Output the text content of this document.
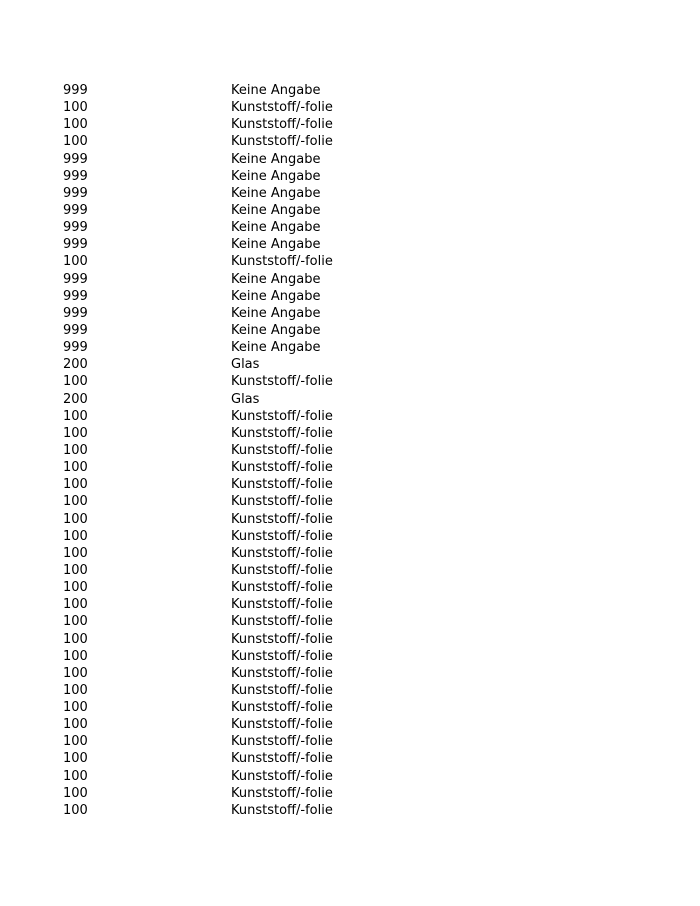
999	Keine Angabe
100	Kunststoff/-folie
100	Kunststoff/-folie
100	Kunststoff/-folie
999	Keine Angabe
999	Keine Angabe
999	Keine Angabe
999	Keine Angabe
999	Keine Angabe
999	Keine Angabe
100	Kunststoff/-folie
999	Keine Angabe
999	Keine Angabe
999	Keine Angabe
999	Keine Angabe
999	Keine Angabe
200	Glas
100	Kunststoff/-folie
200	Glas
100	Kunststoff/-folie
100	Kunststoff/-folie
100	Kunststoff/-folie
100	Kunststoff/-folie
100	Kunststoff/-folie
100	Kunststoff/-folie
100	Kunststoff/-folie
100	Kunststoff/-folie
100	Kunststoff/-folie
100	Kunststoff/-folie
100	Kunststoff/-folie
100	Kunststoff/-folie
100	Kunststoff/-folie
100	Kunststoff/-folie
100	Kunststoff/-folie
100	Kunststoff/-folie
100	Kunststoff/-folie
100	Kunststoff/-folie
100	Kunststoff/-folie
100	Kunststoff/-folie
100	Kunststoff/-folie
100	Kunststoff/-folie
100	Kunststoff/-folie
100	Kunststoff/-folie
